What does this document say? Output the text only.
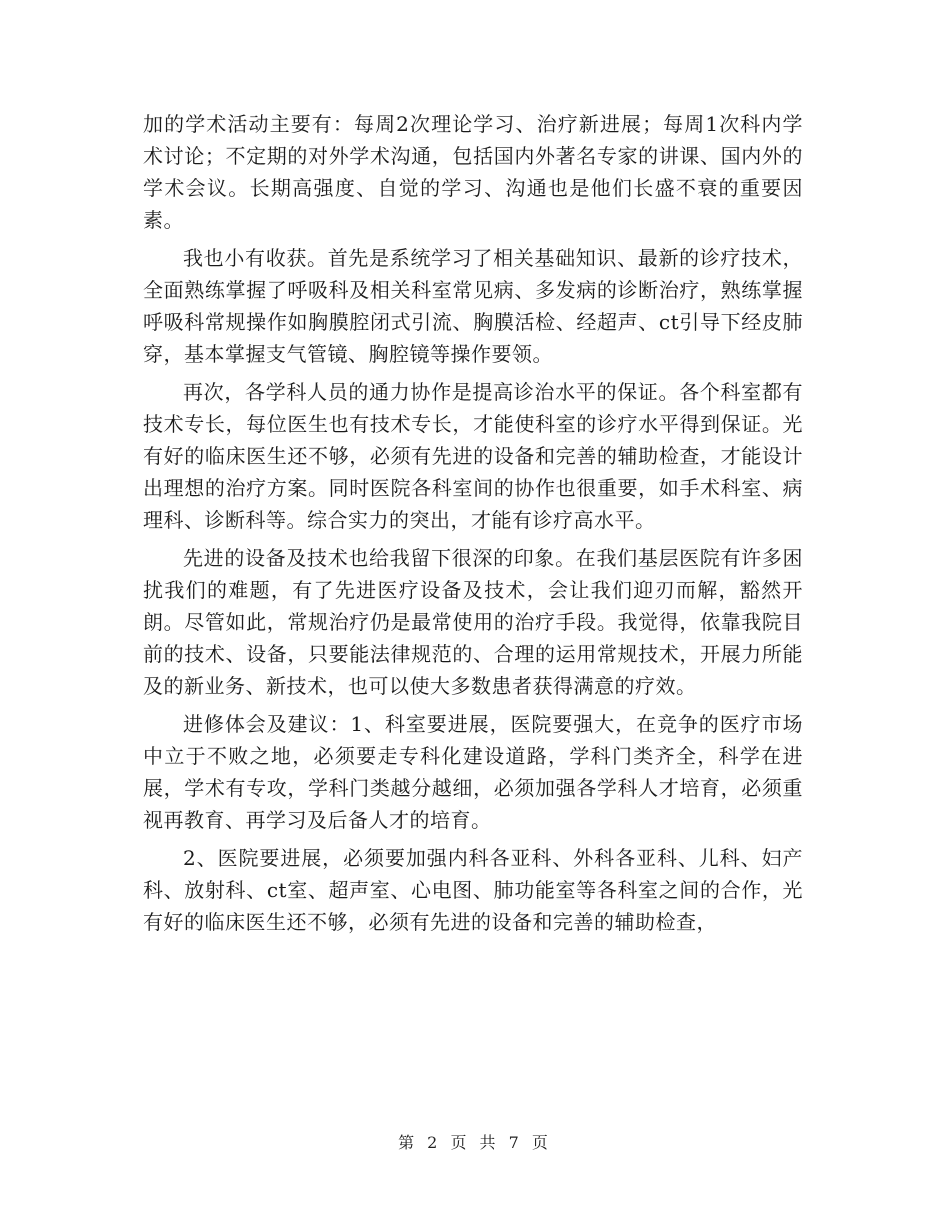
加的学术活动主要有：每周2次理论学习、治疗新进展；每周1次科内学术讨论；不定期的对外学术沟通，包括国内外著名专家的讲课、国内外的学术会议。长期高强度、自觉的学习、沟通也是他们长盛不衰的重要因素。

我也小有收获。首先是系统学习了相关基础知识、最新的诊疗技术，全面熟练掌握了呼吸科及相关科室常见病、多发病的诊断治疗，熟练掌握呼吸科常规操作如胸膜腔闭式引流、胸膜活检、经超声、ct引导下经皮肺穿，基本掌握支气管镜、胸腔镜等操作要领。

再次，各学科人员的通力协作是提高诊治水平的保证。各个科室都有技术专长，每位医生也有技术专长，才能使科室的诊疗水平得到保证。光有好的临床医生还不够，必须有先进的设备和完善的辅助检查，才能设计出理想的治疗方案。同时医院各科室间的协作也很重要，如手术科室、病理科、诊断科等。综合实力的突出，才能有诊疗高水平。

先进的设备及技术也给我留下很深的印象。在我们基层医院有许多困扰我们的难题，有了先进医疗设备及技术，会让我们迎刃而解，豁然开朗。尽管如此，常规治疗仍是最常使用的治疗手段。我觉得，依靠我院目前的技术、设备，只要能法律规范的、合理的运用常规技术，开展力所能及的新业务、新技术，也可以使大多数患者获得满意的疗效。

进修体会及建议：1、科室要进展，医院要强大，在竞争的医疗市场中立于不败之地，必须要走专科化建设道路，学科门类齐全，科学在进展，学术有专攻，学科门类越分越细，必须加强各学科人才培育，必须重视再教育、再学习及后备人才的培育。

2、医院要进展，必须要加强内科各亚科、外科各亚科、儿科、妇产科、放射科、ct室、超声室、心电图、肺功能室等各科室之间的合作，光有好的临床医生还不够，必须有先进的设备和完善的辅助检查，

第 2 页 共 7 页
